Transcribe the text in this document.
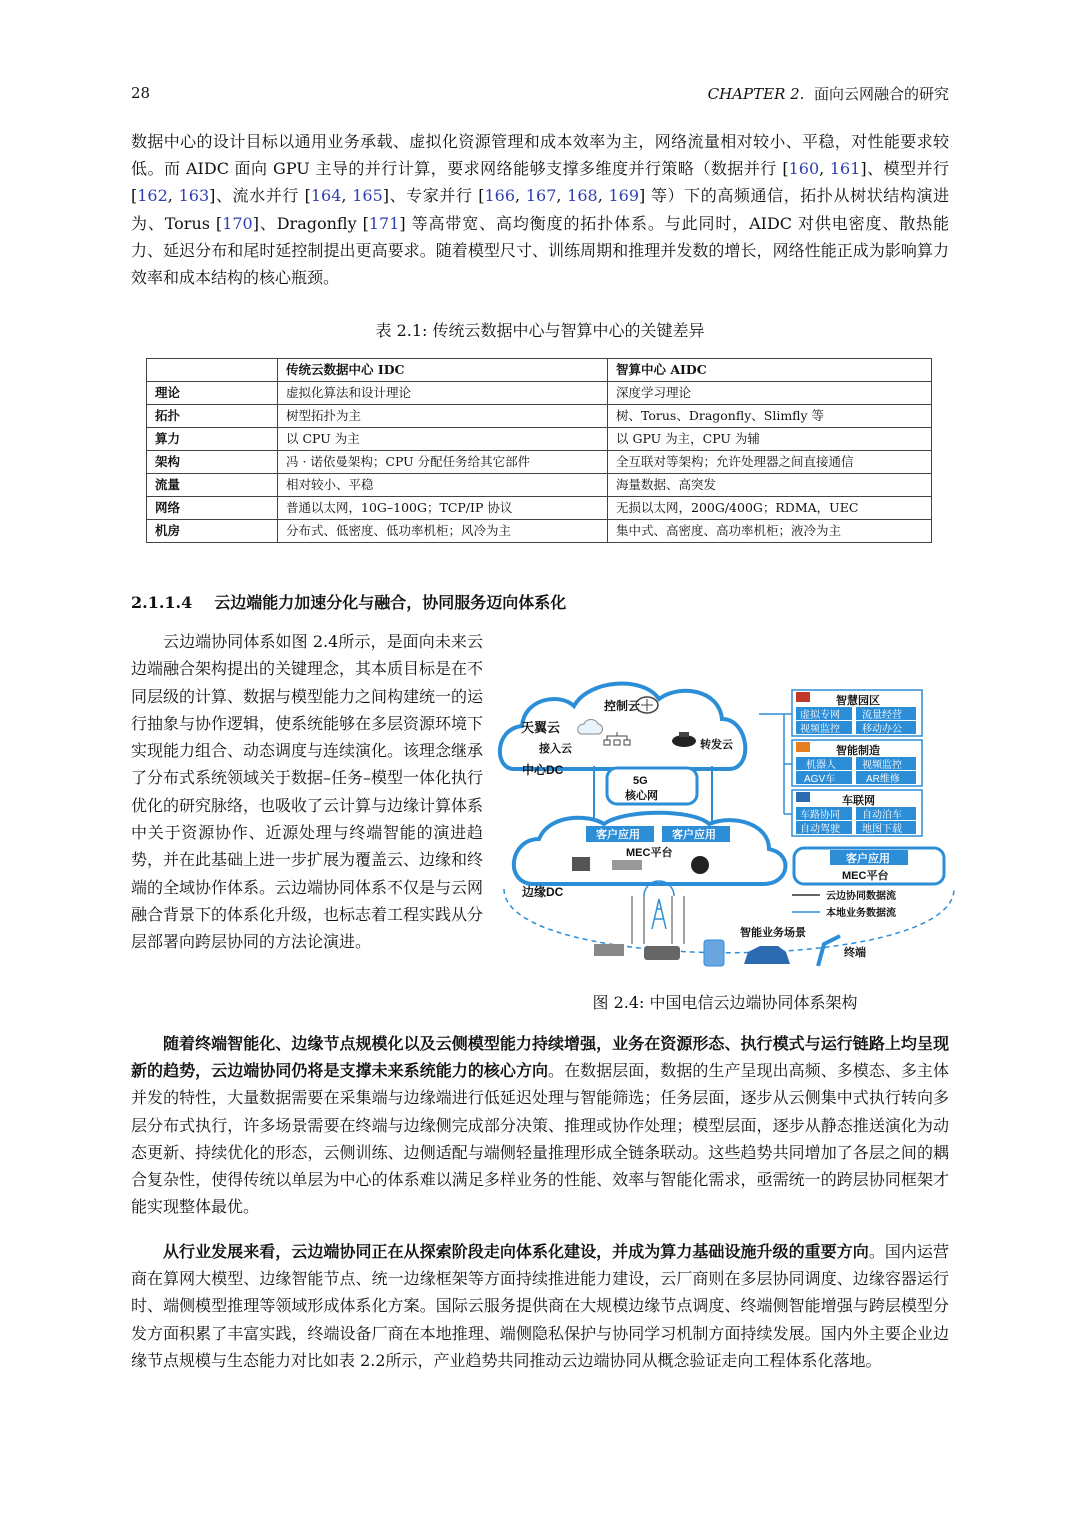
28	CHAPTER 2. 面向云网融合的研究

数据中心的设计目标以通用业务承载、虚拟化资源管理和成本效率为主，网络流量相对较小、平稳，对性能要求较低。而 AIDC 面向 GPU 主导的并行计算，要求网络能够支撑多维度并行策略（数据并行 [160, 161]、模型并行 [162, 163]、流水并行 [164, 165]、专家并行 [166, 167, 168, 169] 等）下的高频通信，拓扑从树状结构演进为、Torus [170]、Dragonfly [171] 等高带宽、高均衡度的拓扑体系。与此同时，AIDC 对供电密度、散热能力、延迟分布和尾时延控制提出更高要求。随着模型尺寸、训练周期和推理并发数的增长，网络性能正成为影响算力效率和成本结构的核心瓶颈。

表 2.1: 传统云数据中心与智算中心的关键差异
	传统云数据中心 IDC	智算中心 AIDC
理论	虚拟化算法和设计理论	深度学习理论
拓扑	树型拓扑为主	树、Torus、Dragonfly、Slimfly 等
算力	以 CPU 为主	以 GPU 为主，CPU 为辅
架构	冯 · 诺依曼架构；CPU 分配任务给其它部件	全互联对等架构；允许处理器之间直接通信
流量	相对较小、平稳	海量数据、高突发
网络	普通以太网，10G–100G；TCP/IP 协议	无损以太网，200G/400G；RDMA，UEC
机房	分布式、低密度、低功率机柜；风冷为主	集中式、高密度、高功率机柜；液冷为主
2.1.1.4 云边端能力加速分化与融合，协同服务迈向体系化

云边端协同体系如图 2.4所示，是面向未来云边端融合架构提出的关键理念，其本质目标是在不同层级的计算、数据与模型能力之间构建统一的运行抽象与协作逻辑，使系统能够在多层资源环境下实现能力组合、动态调度与连续演化。该理念继承了分布式系统领域关于数据–任务–模型一体化执行优化的研究脉络，也吸收了云计算与边缘计算体系中关于资源协作、近源处理与终端智能的演进趋势，并在此基础上进一步扩展为覆盖云、边缘和终端的全域协作体系。云边端协同体系不仅是与云网融合背景下的体系化升级，也标志着工程实践从分层部署向跨层协同的方法论演进。

控制云
天翼云
接入云	转发云
中心DC
5G
核心网
客户应用	客户应用
MEC平台
边缘DC
客户应用
MEC平台
云边协同数据流
本地业务数据流
智能业务场景
终端
智慧园区
虚拟专网 流量经营
视频监控 移动办公
智能制造
机器人	视频监控
AGV车	AR维修
车联网
车路协同 自动泊车
自动驾驶 地图下载
图 2.4: 中国电信云边端协同体系架构

随着终端智能化、边缘节点规模化以及云侧模型能力持续增强，业务在资源形态、执行模式与运行链路上均呈现新的趋势，云边端协同仍将是支撑未来系统能力的核心方向。在数据层面，数据的生产呈现出高频、多模态、多主体并发的特性，大量数据需要在采集端与边缘端进行低延迟处理与智能筛选；任务层面，逐步从云侧集中式执行转向多层分布式执行，许多场景需要在终端与边缘侧完成部分决策、推理或协作处理；模型层面，逐步从静态推送演化为动态更新、持续优化的形态，云侧训练、边侧适配与端侧轻量推理形成全链条联动。这些趋势共同增加了各层之间的耦合复杂性，使得传统以单层为中心的体系难以满足多样业务的性能、效率与智能化需求，亟需统一的跨层协同框架才能实现整体最优。

从行业发展来看，云边端协同正在从探索阶段走向体系化建设，并成为算力基础设施升级的重要方向。国内运营商在算网大模型、边缘智能节点、统一边缘框架等方面持续推进能力建设，云厂商则在多层协同调度、边缘容器运行时、端侧模型推理等领域形成体系化方案。国际云服务提供商在大规模边缘节点调度、终端侧智能增强与跨层模型分发方面积累了丰富实践，终端设备厂商在本地推理、端侧隐私保护与协同学习机制方面持续发展。国内外主要企业边缘节点规模与生态能力对比如表 2.2所示，产业趋势共同推动云边端协同从概念验证走向工程体系化落地。
